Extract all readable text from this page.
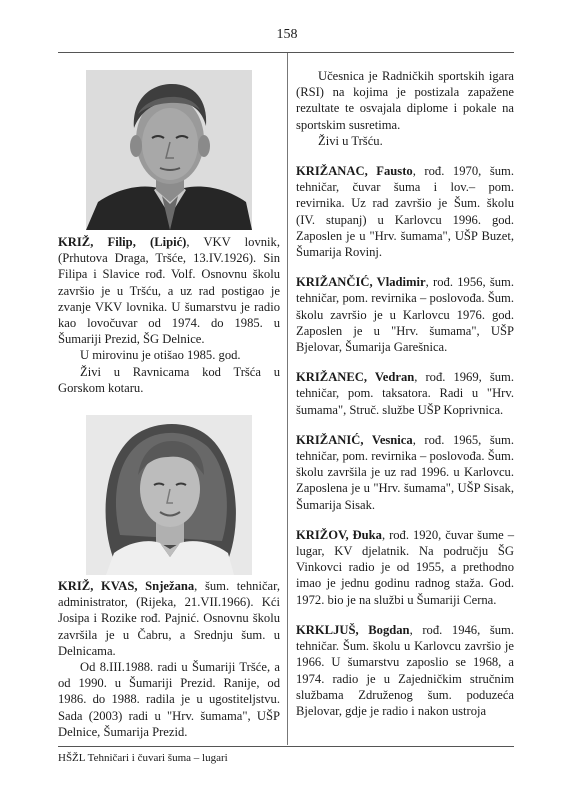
158

KRIŽ, Filip, (Lipić), VKV lovnik, (Prhutova Draga, Tršće, 13.IV.1926). Sin Filipa i Slavice rođ. Volf. Osnovnu školu završio je u Tršću, a uz rad postigao je zvanje VKV lovnika. U šumarstvu je radio kao lovočuvar od 1974. do 1985. u Šumariji Prezid, ŠG Delnice.

U mirovinu je otišao 1985. god.

Živi u Ravnicama kod Tršća u Gorskom kotaru.

KRIŽ, KVAS, Snježana, šum. tehničar, administrator, (Rijeka, 21.VII.1966). Kći Josipa i Rozike rođ. Pajnić. Osnovnu školu završila je u Čabru, a Srednju šum. u Delnicama.

Od 8.III.1988. radi u Šumariji Tršće, a od 1990. u Šumariji Prezid. Ranije, od 1986. do 1988. radila je u ugostiteljstvu. Sada (2003) radi u "Hrv. šumama", UŠP Delnice, Šumarija Prezid.

Učesnica je Radničkih sportskih igara (RSI) na kojima je postizala zapažene rezultate te osvajala diplome i pokale na sportskim susretima.

Živi u Tršću.

KRIŽANAC, Fausto, rođ. 1970, šum. tehničar, čuvar šuma i lov.– pom. revirnika. Uz rad završio je Šum. školu (IV. stupanj) u Karlovcu 1996. god. Zaposlen je u "Hrv. šumama", UŠP Buzet, Šumarija Rovinj.

KRIŽANČIĆ, Vladimir, rođ. 1956, šum. tehničar, pom. revirnika – poslovođa. Šum. školu završio je u Karlovcu 1976. god. Zaposlen je u "Hrv. šumama", UŠP Bjelovar, Šumarija Garešnica.

KRIŽANEC, Vedran, rođ. 1969, šum. tehničar, pom. taksatora. Radi u "Hrv. šumama", Struč. službe UŠP Koprivnica.

KRIŽANIĆ, Vesnica, rođ. 1965, šum. tehničar, pom. revirnika – poslovođa. Šum. školu završila je uz rad 1996. u Karlovcu. Zaposlena je u "Hrv. šumama", UŠP Sisak, Šumarija Sisak.

KRIŽOV, Đuka, rođ. 1920, čuvar šume – lugar, KV djelatnik. Na području ŠG Vinkovci radio je od 1955, a prethodno imao je jednu godinu radnog staža. God. 1972. bio je na službi u Šumariji Cerna.

KRKLJUŠ, Bogdan, rođ. 1946, šum. tehničar. Šum. školu u Karlovcu završio je 1966. U šumarstvu zaposlio se 1968, a 1974. radio je u Zajedničkim stručnim službama Združenog šum. poduzeća Bjelovar, gdje je radio i nakon ustroja

HŠŽL Tehničari i čuvari šuma – lugari
